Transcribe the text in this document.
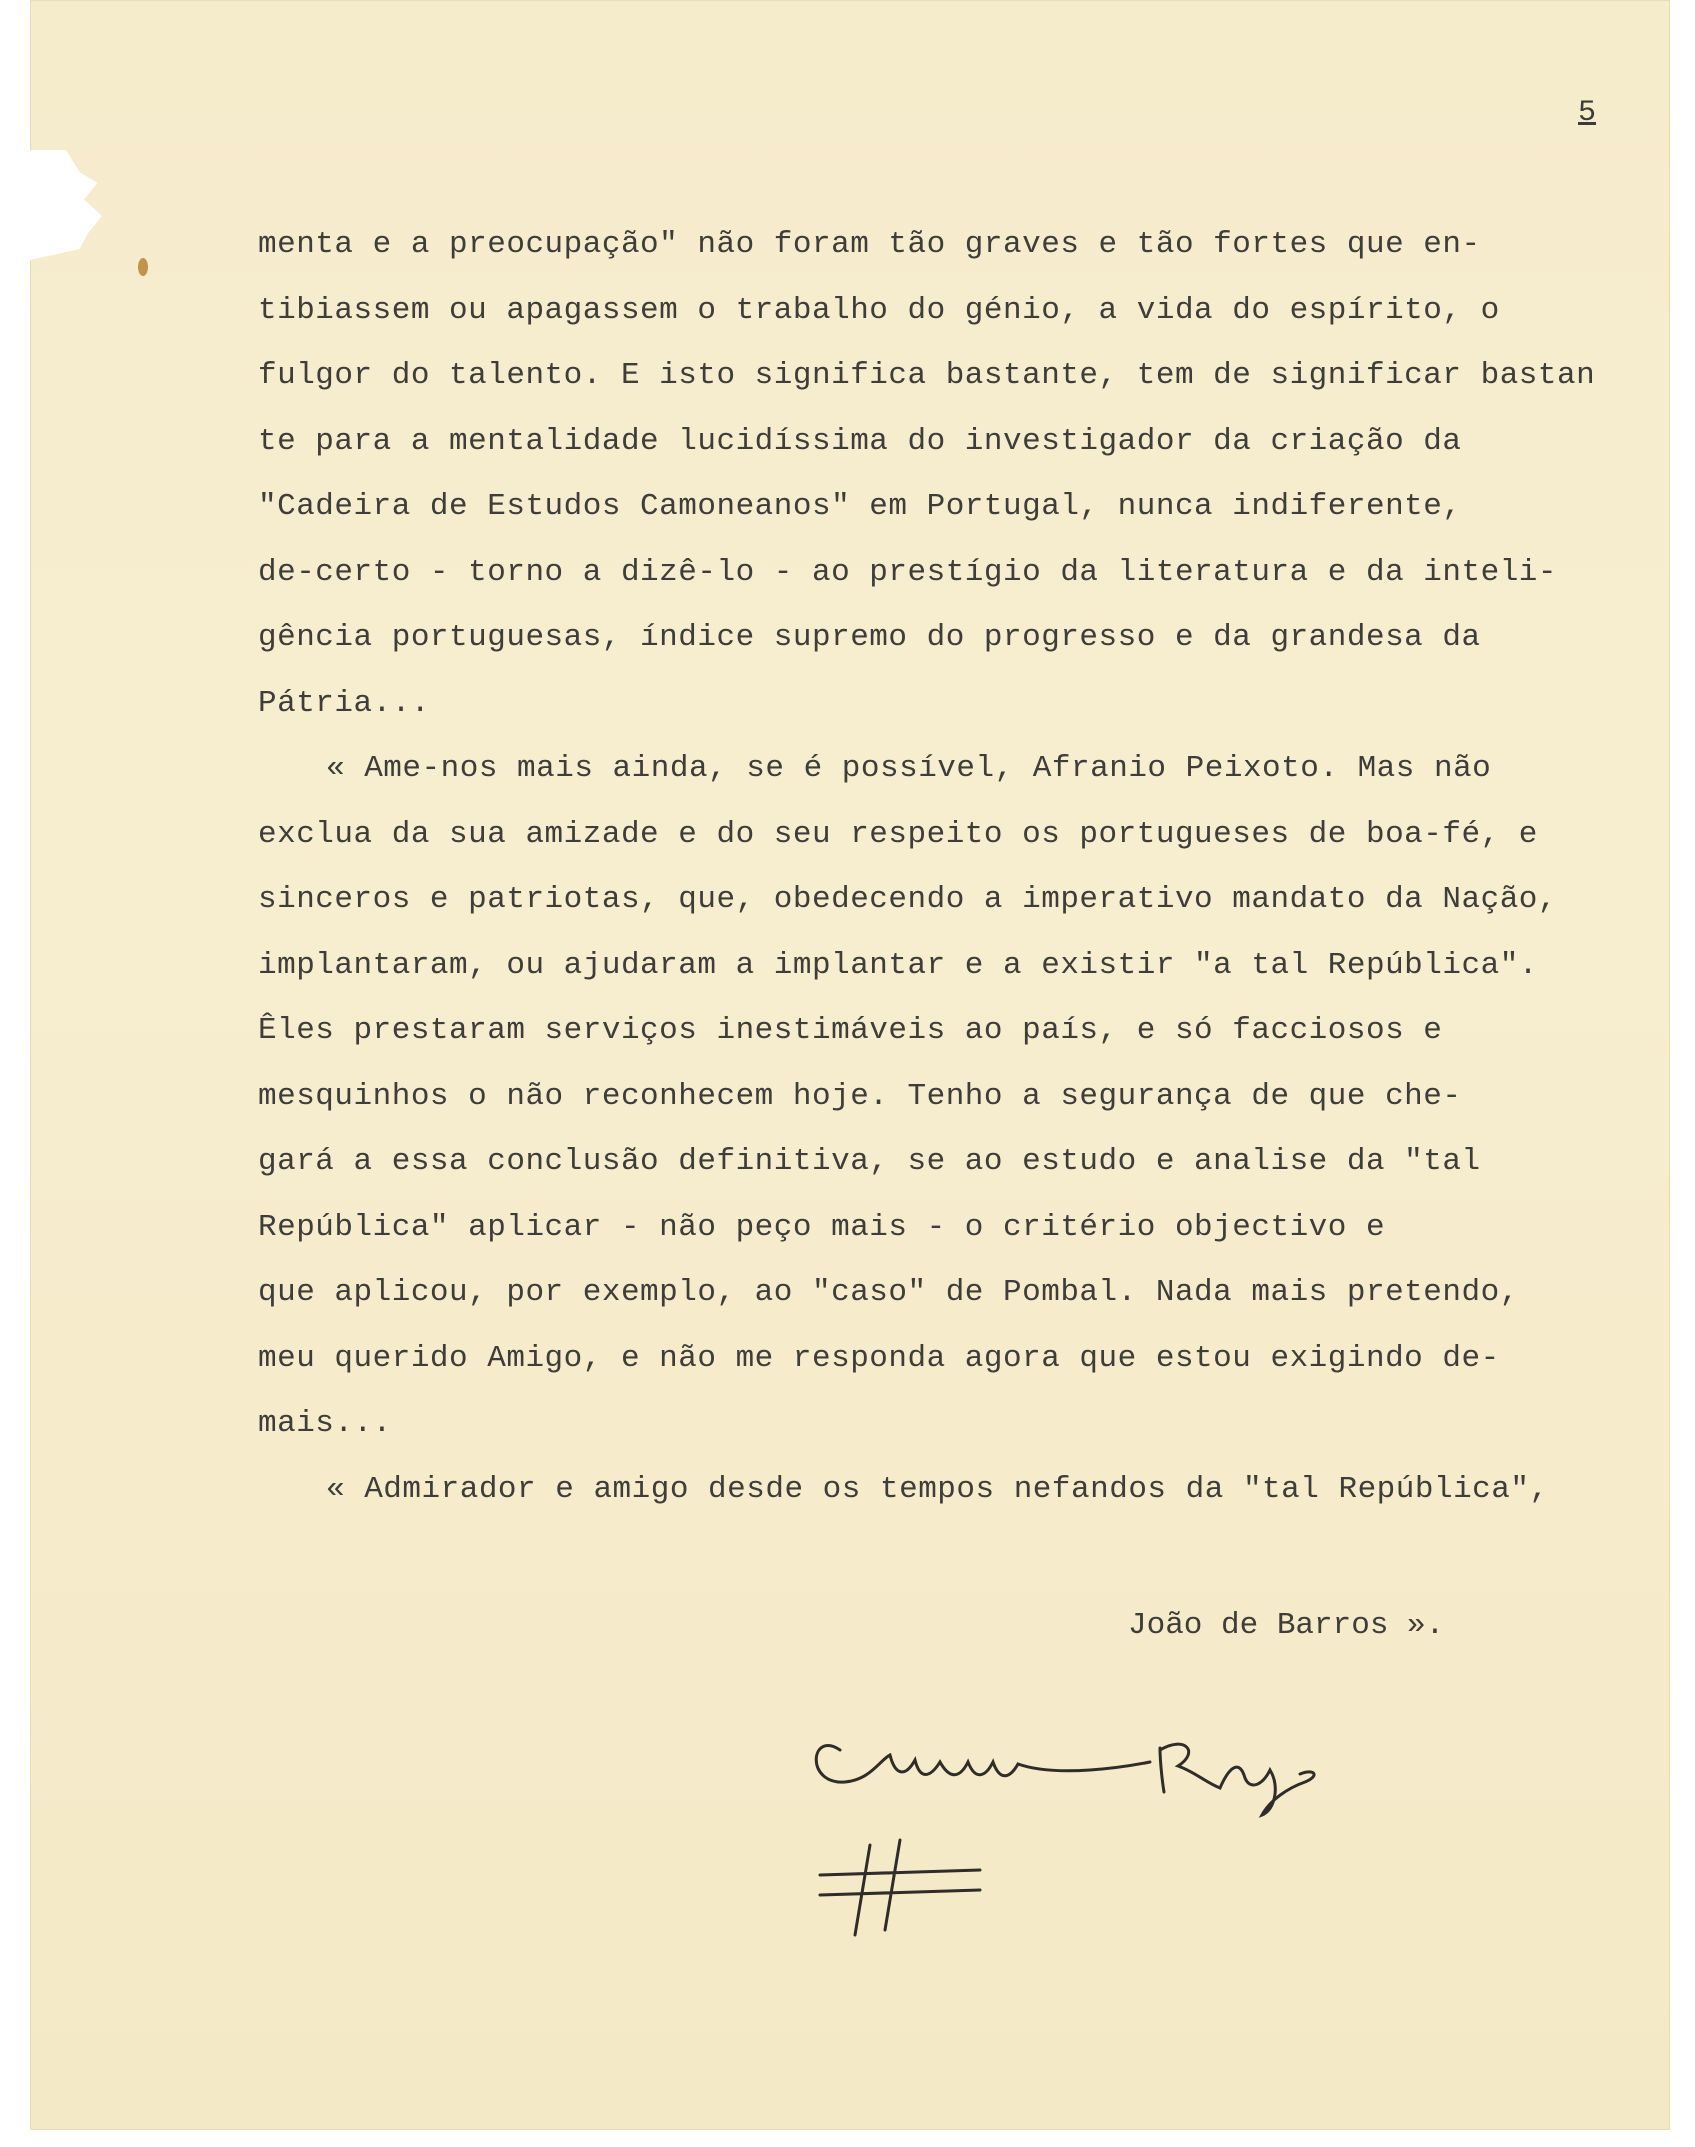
5
menta e a preocupação" não foram tão graves e tão fortes que en-
tibiassem ou apagassem o trabalho do génio, a vida do espírito, o
fulgor do talento. E isto significa bastante, tem de significar bastan
te para a mentalidade lucidíssima do investigador da criação da
"Cadeira de Estudos Camoneanos" em Portugal, nunca indiferente,
de-certo - torno a dizê-lo - ao prestígio da literatura e da inteli-
gência portuguesas, índice supremo do progresso e da grandesa da
Pátria...
« Ame-nos mais ainda, se é possível, Afranio Peixoto. Mas não
exclua da sua amizade e do seu respeito os portugueses de boa-fé, e
sinceros e patriotas, que, obedecendo a imperativo mandato da Nação,
implantaram, ou ajudaram a implantar e a existir "a tal República".
Êles prestaram serviços inestimáveis ao país, e só facciosos e
mesquinhos o não reconhecem hoje. Tenho a segurança de que che-
gará a essa conclusão definitiva, se ao estudo e analise da "tal
República" aplicar - não peço mais - o critério objectivo e
que aplicou, por exemplo, ao "caso" de Pombal. Nada mais pretendo,
meu querido Amigo, e não me responda agora que estou exigindo de-
mais...
« Admirador e amigo desde os tempos nefandos da "tal República",
João de Barros ».
